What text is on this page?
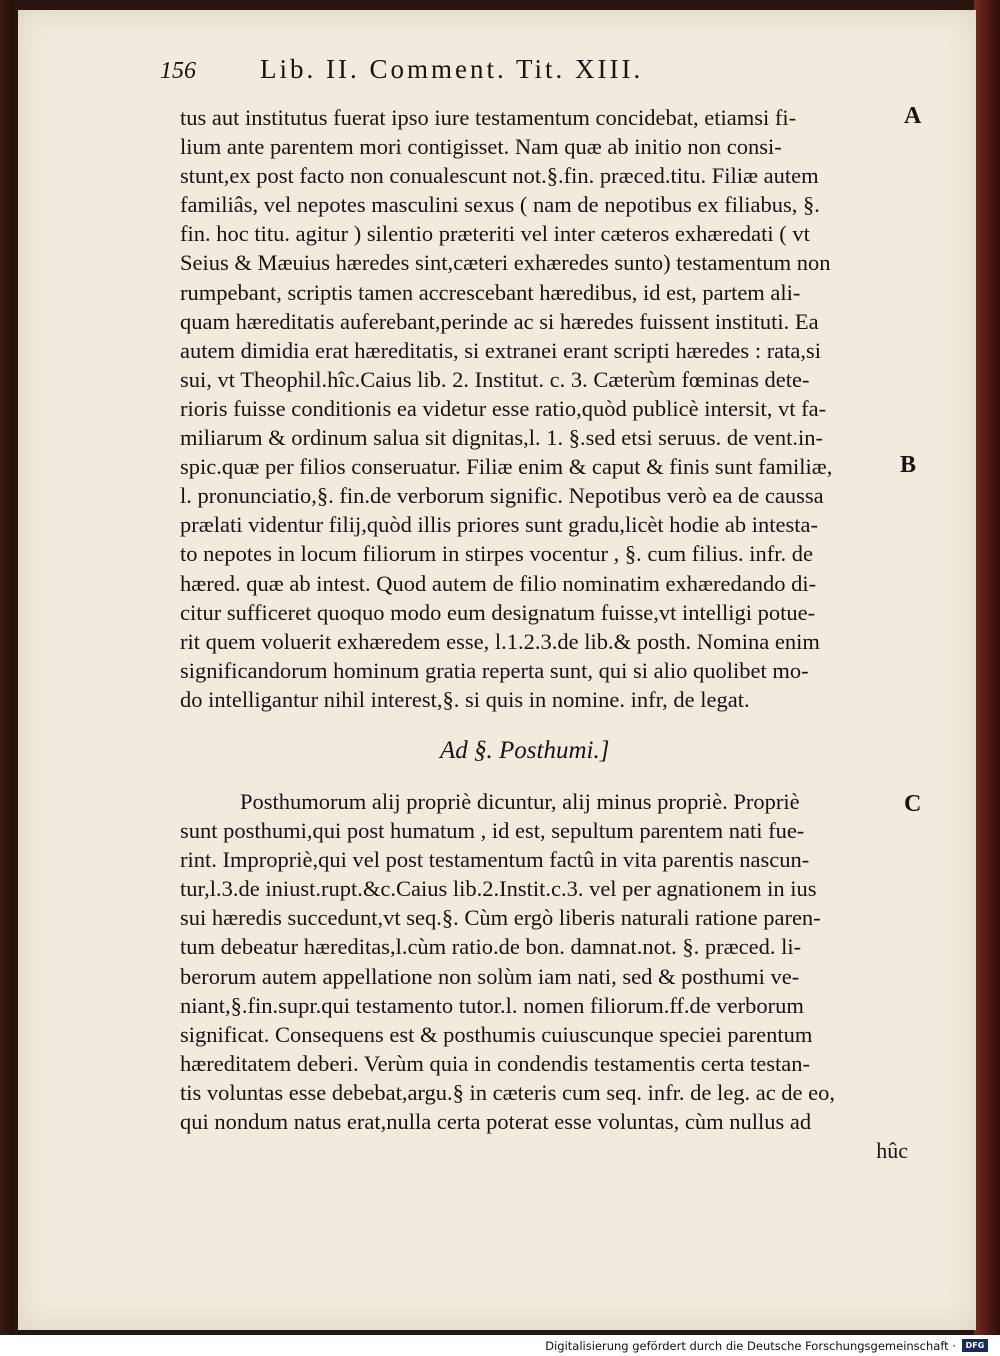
156	Lib. II. Comment. Tit. XIII.
A
B
C
tus aut institutus fuerat ipso iure testamentum concidebat, etiamsi fi-
lium ante parentem mori contigisset. Nam quæ ab initio non consi-
stunt,ex post facto non conualescunt not.§.fin. præced.titu. Filiæ autem
familiâs, vel nepotes masculini sexus ( nam de nepotibus ex filiabus, §.
fin. hoc titu. agitur ) silentio præteriti vel inter cæteros exhæredati ( vt
Seius & Mæuius hæredes sint,cæteri exhæredes sunto) testamentum non
rumpebant, scriptis tamen accrescebant hæredibus, id est, partem ali-
quam hæreditatis auferebant,perinde ac si hæredes fuissent instituti. Ea
autem dimidia erat hæreditatis, si extranei erant scripti hæredes : rata,si
sui, vt Theophil.hîc.Caius lib. 2. Institut. c. 3. Cæterùm fœminas dete-
rioris fuisse conditionis ea videtur esse ratio,quòd publicè intersit, vt fa-
miliarum & ordinum salua sit dignitas,l. 1. §.sed etsi seruus. de vent.in-
spic.quæ per filios conseruatur. Filiæ enim & caput & finis sunt familiæ,
l. pronunciatio,§. fin.de verborum signific. Nepotibus verò ea de caussa
prælati videntur filij,quòd illis priores sunt gradu,licèt hodie ab intesta-
to nepotes in locum filiorum in stirpes vocentur , §. cum filius. infr. de
hæred. quæ ab intest. Quod autem de filio nominatim exhæredando di-
citur sufficeret quoquo modo eum designatum fuisse,vt intelligi potue-
rit quem voluerit exhæredem esse, l.1.2.3.de lib.& posth. Nomina enim
significandorum hominum gratia reperta sunt, qui si alio quolibet mo-
do intelligantur nihil interest,§. si quis in nomine. infr, de legat.
Ad §. Posthumi.]
Posthumorum alij propriè dicuntur, alij minus propriè. Propriè
sunt posthumi,qui post humatum , id est, sepultum parentem nati fue-
rint. Impropriè,qui vel post testamentum factû in vita parentis nascun-
tur,l.3.de iniust.rupt.&c.Caius lib.2.Instit.c.3. vel per agnationem in ius
sui hæredis succedunt,vt seq.§. Cùm ergò liberis naturali ratione paren-
tum debeatur hæreditas,l.cùm ratio.de bon. damnat.not. §. præced. li-
berorum autem appellatione non solùm iam nati, sed & posthumi ve-
niant,§.fin.supr.qui testamento tutor.l. nomen filiorum.ff.de verborum
significat. Consequens est & posthumis cuiuscunque speciei parentum
hæreditatem deberi. Verùm quia in condendis testamentis certa testan-
tis voluntas esse debebat,argu.§ in cæteris cum seq. infr. de leg. ac de eo,
qui nondum natus erat,nulla certa poterat esse voluntas, cùm nullus ad
hûc
Digitalisierung gefördert durch die Deutsche Forschungsgemeinschaft ·	DFG
